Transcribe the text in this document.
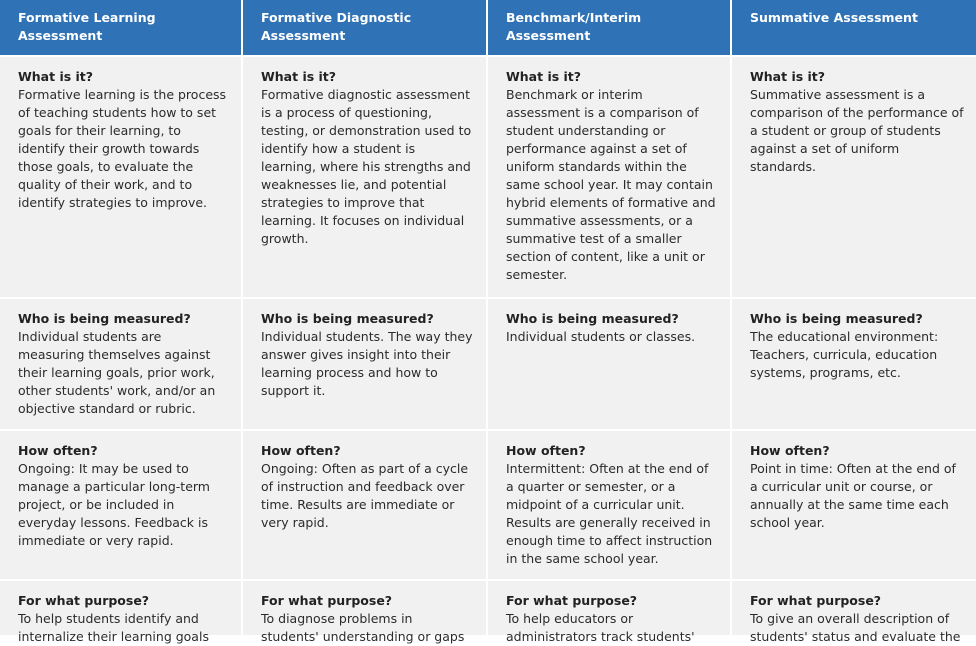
Formative Learning Assessment
Formative Diagnostic Assessment
Benchmark/Interim Assessment
Summative Assessment
What is it?
Formative learning is the process of teaching students how to set goals for their learning, to identify their growth towards those goals, to evaluate the quality of their work, and to identify strategies to improve.
What is it?
Formative diagnostic assessment is a process of questioning, testing, or demonstration used to identify how a student is learning, where his strengths and weaknesses lie, and potential strategies to improve that learning. It focuses on individual growth.
What is it?
Benchmark or interim assessment is a comparison of student understanding or performance against a set of uniform standards within the same school year. It may contain hybrid elements of formative and summative assessments, or a summative test of a smaller section of content, like a unit or semester.
What is it?
Summative assessment is a comparison of the performance of a student or group of students against a set of uniform standards.
Who is being measured?
Individual students are measuring themselves against their learning goals, prior work, other students' work, and/or an objective standard or rubric.
Who is being measured?
Individual students. The way they answer gives insight into their learning process and how to support it.
Who is being measured?
Individual students or classes.
Who is being measured?
The educational environment: Teachers, curricula, education systems, programs, etc.
How often?
Ongoing: It may be used to manage a particular long-term project, or be included in everyday lessons. Feedback is immediate or very rapid.
How often?
Ongoing: Often as part of a cycle of instruction and feedback over time. Results are immediate or very rapid.
How often?
Intermittent: Often at the end of a quarter or semester, or a midpoint of a curricular unit. Results are generally received in enough time to affect instruction in the same school year.
How often?
Point in time: Often at the end of a curricular unit or course, or annually at the same time each school year.
For what purpose?
To help students identify and internalize their learning goals
For what purpose?
To diagnose problems in students' understanding or gaps
For what purpose?
To help educators or administrators track students'
For what purpose?
To give an overall description of students' status and evaluate the
